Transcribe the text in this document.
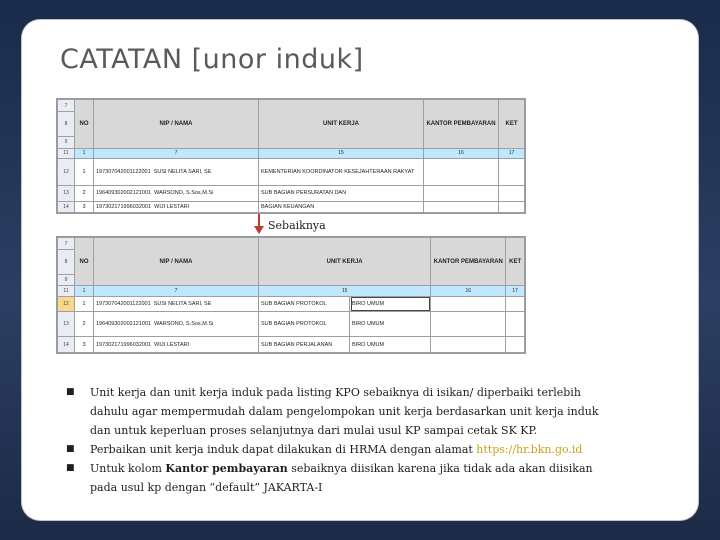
CATATAN [unor induk]
7	NO	NIP / NAMA	UNIT KERJA	KANTOR PEMBAYARAN	KET
8					
9					
11	1	7	15	16	17
12	1	197307042001122001 SUSI NELITA SARI, SE	KEMENTERIAN KOORDINATOR KESEJAHTERAAN RAKYAT		
13	2	196409302002121001 WARSONO, S.Sos,M.Si	SUB BAGIAN PERSURATAN DAN		
14	3	197302171996032001 WIJI LESTARI	BAGIAN KEUANGAN		
Sebaiknya
7	NO	NIP / NAMA	UNIT KERJA		KANTOR PEMBAYARAN	KET
8						
9						
11	1	7	15		16	17
12	1	197307042001122001 SUSI NELITA SARI, SE	SUB BAGIAN PROTOKOL	BIRO UMUM		
13	2	196409302002121001 WARSONO, S.Sos,M.Si	SUB BAGIAN PROTOKOL	BIRO UMUM		
14	3	197302171996032001 WIJI LESTARI	SUB BAGIAN PERJALANAN	BIRO UMUM		
■ Unit kerja dan unit kerja induk pada listing KPO sebaiknya di isikan/ diperbaiki terlebih
dahulu agar mempermudah dalam pengelompokan unit kerja berdasarkan unit kerja induk
dan untuk keperluan proses selanjutnya dari mulai usul KP sampai cetak SK KP.
■ Perbaikan unit kerja induk dapat dilakukan di HRMA dengan alamat https://hr.bkn.go.id
■ Untuk kolom Kantor pembayaran sebaiknya diisikan karena jika tidak ada akan diisikan
pada usul kp dengan “default” JAKARTA-I
